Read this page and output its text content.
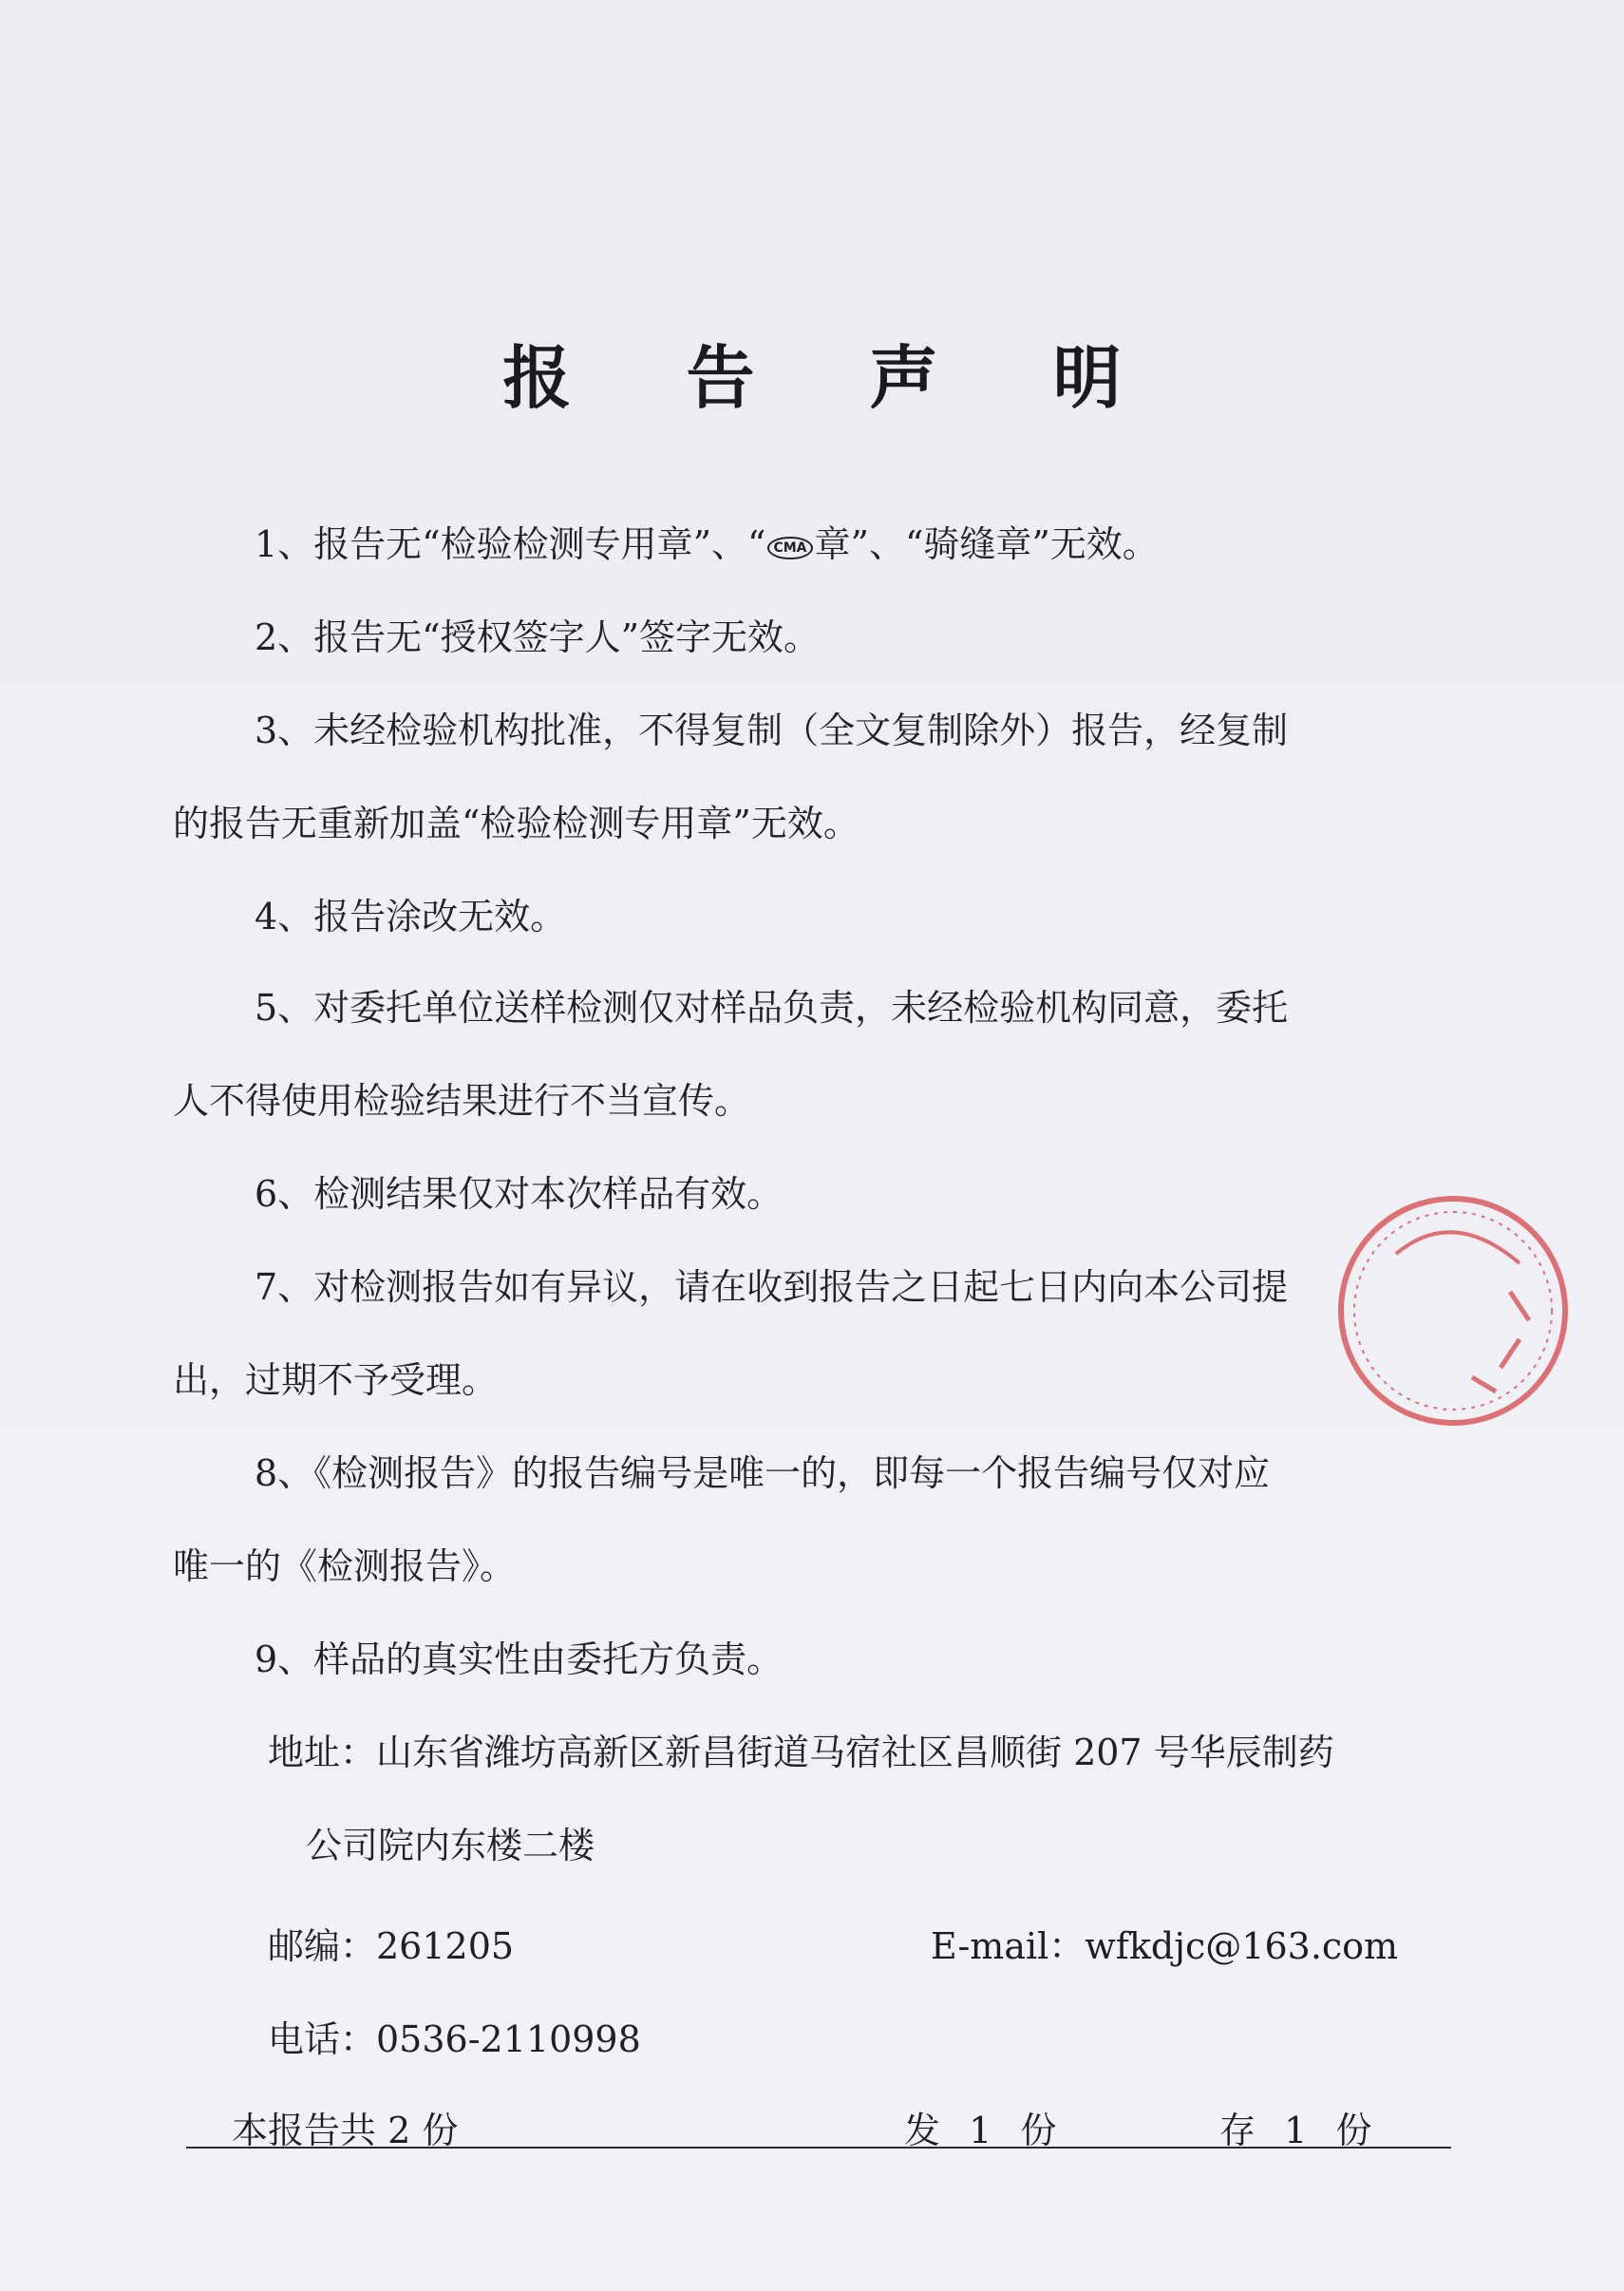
报 告 声 明
1、报告无“检验检测专用章”、“ CMA 章”、“骑缝章”无效。
2、报告无“授权签字人”签字无效。
3、未经检验机构批准，不得复制（全文复制除外）报告，经复制
的报告无重新加盖“检验检测专用章”无效。
4、报告涂改无效。
5、对委托单位送样检测仅对样品负责，未经检验机构同意，委托
人不得使用检验结果进行不当宣传。
6、检测结果仅对本次样品有效。
7、对检测报告如有异议，请在收到报告之日起七日内向本公司提
出，过期不予受理。
8、《检测报告》的报告编号是唯一的，即每一个报告编号仅对应
唯一的《检测报告》。
9、样品的真实性由委托方负责。
地址：山东省潍坊高新区新昌街道马宿社区昌顺街 207 号华辰制药
公司院内东楼二楼
邮编：261205	E-mail：wfkdjc@163.com
电话：0536-2110998
本报告共 2 份	发 1 份	存 1 份
